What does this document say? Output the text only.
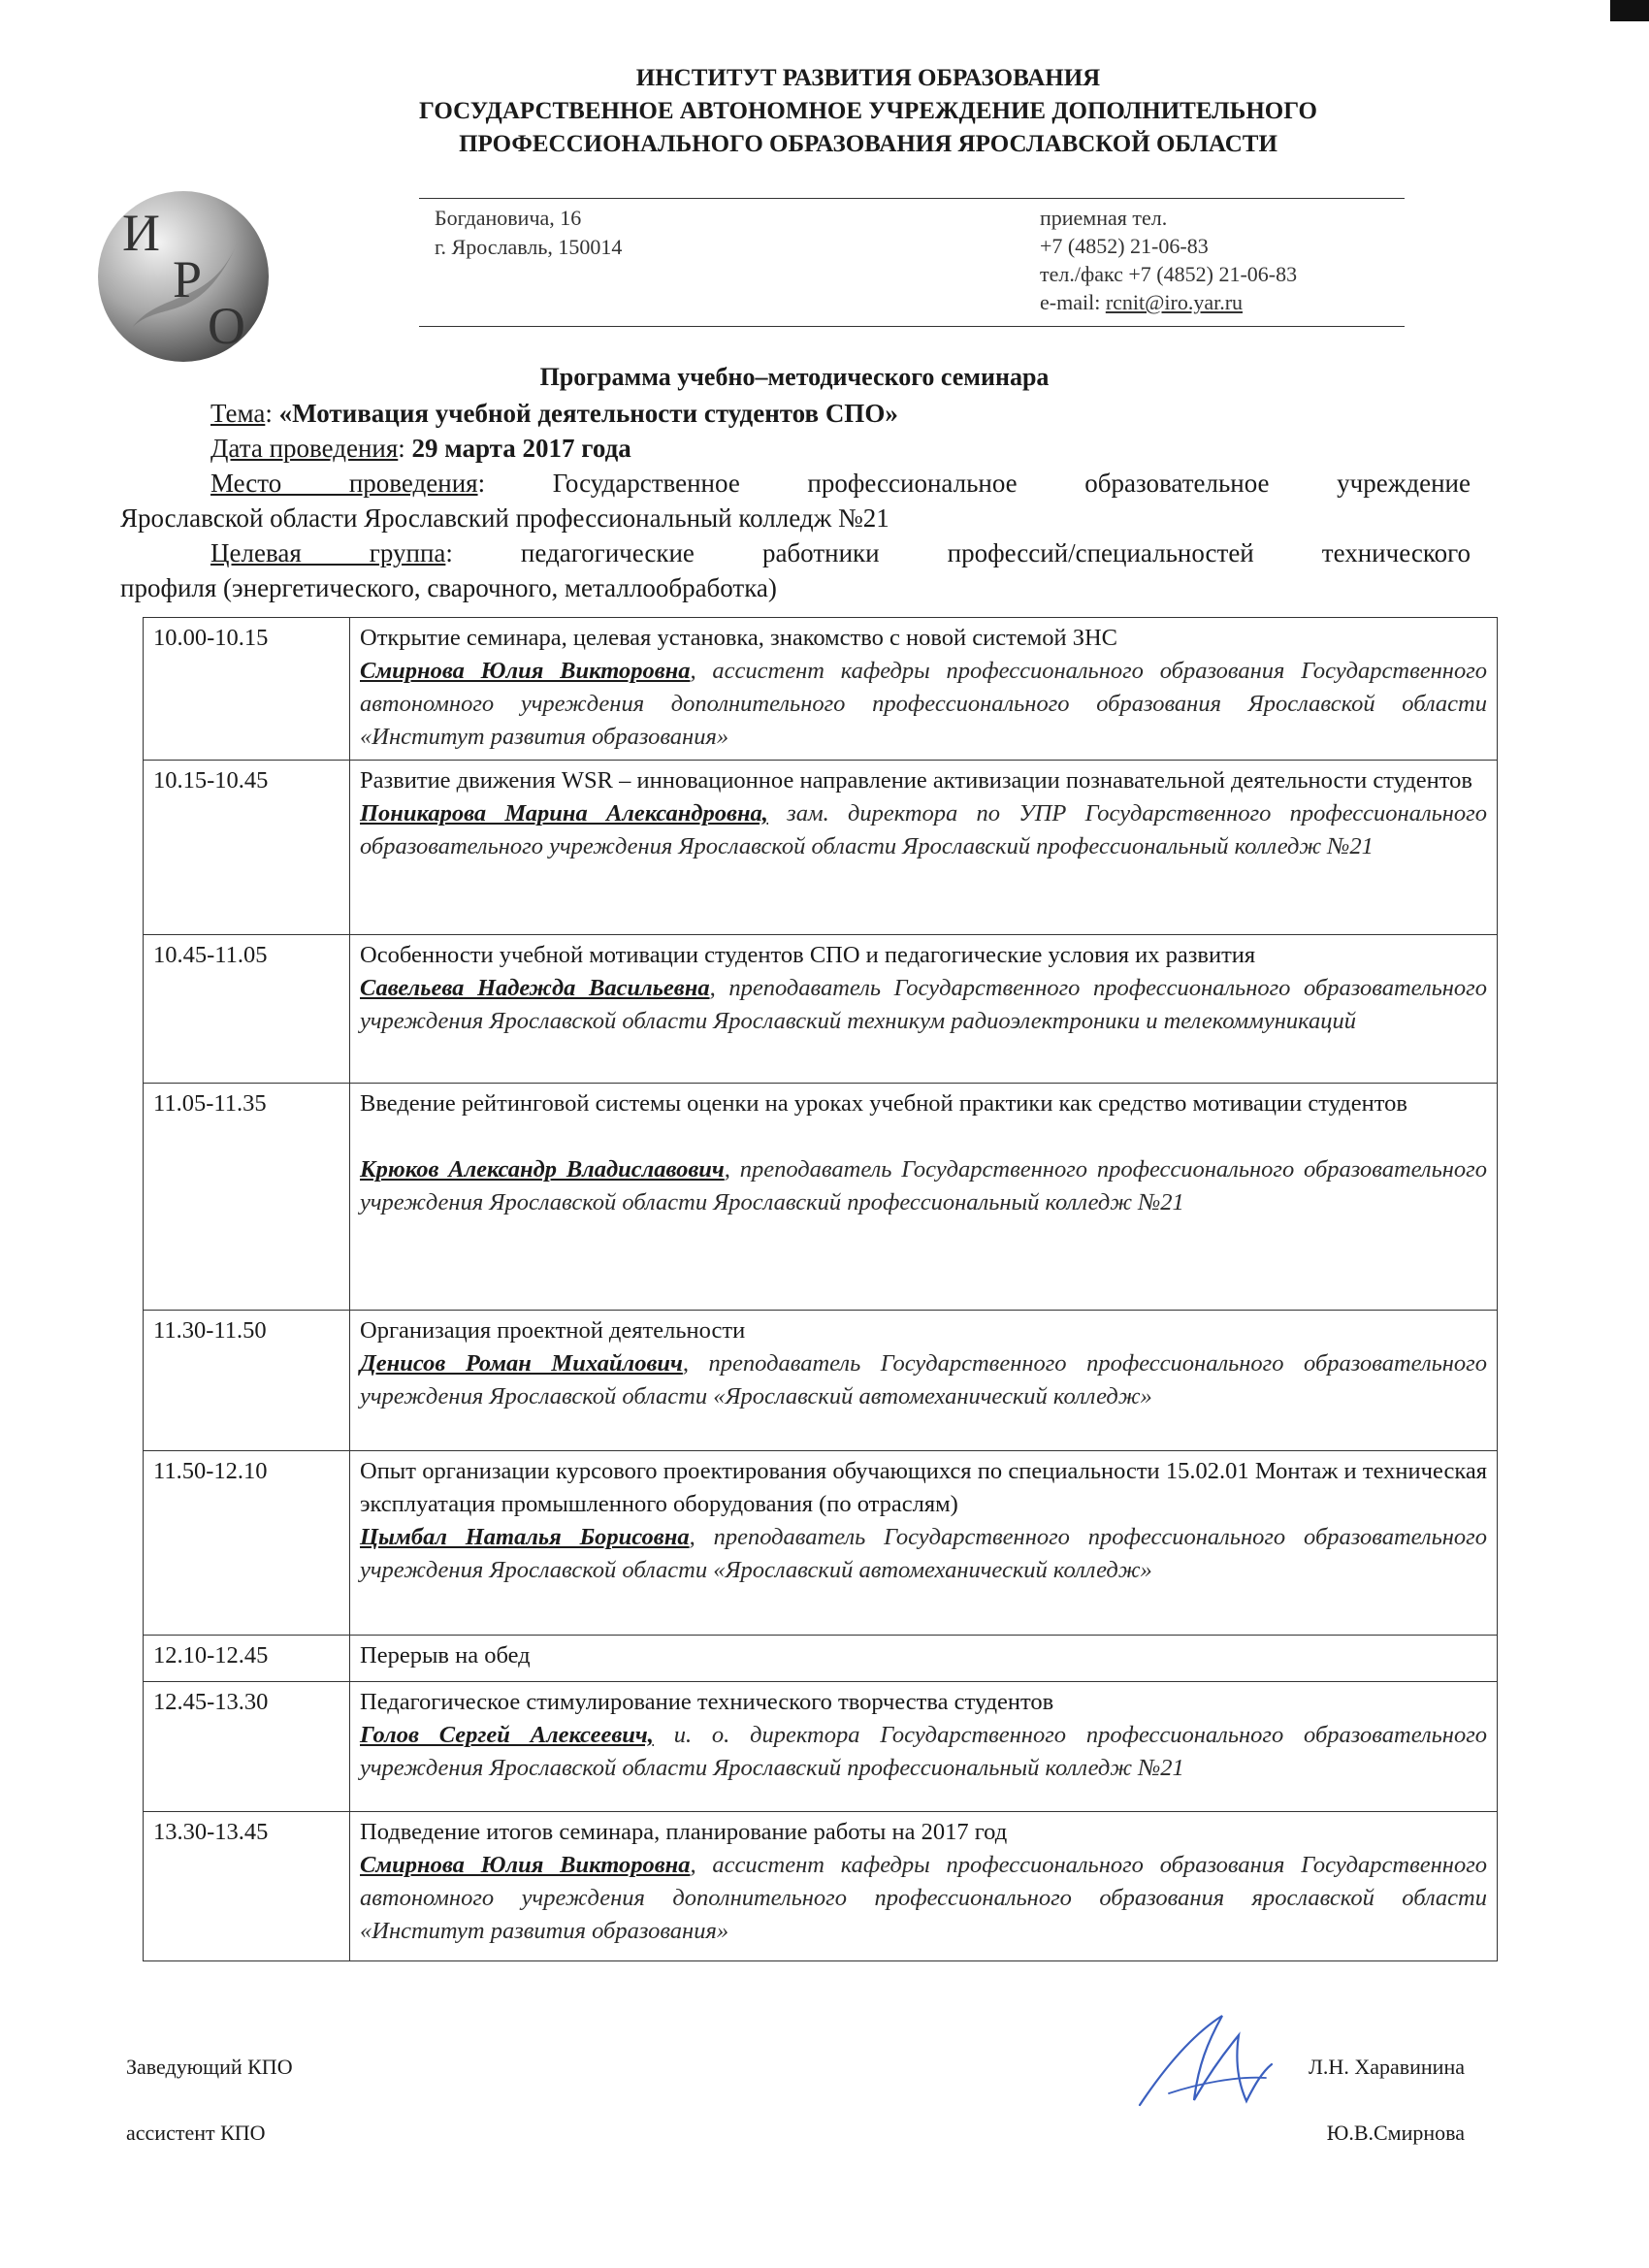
ИНСТИТУТ РАЗВИТИЯ ОБРАЗОВАНИЯ
ГОСУДАРСТВЕННОЕ АВТОНОМНОЕ УЧРЕЖДЕНИЕ ДОПОЛНИТЕЛЬНОГО
ПРОФЕССИОНАЛЬНОГО ОБРАЗОВАНИЯ ЯРОСЛАВСКОЙ ОБЛАСТИ
И
Р
О
Богдановича, 16
г. Ярославль, 150014
приемная тел.
+7 (4852) 21-06-83
тел./факс +7 (4852) 21-06-83
e-mail: rcnit@iro.yar.ru
Программа учебно–методического семинара
Тема: «Мотивация учебной деятельности студентов СПО»
Дата проведения: 29 марта 2017 года
Место проведения: Государственное профессиональное образовательное учреждение
Ярославской области Ярославский профессиональный колледж №21
Целевая группа: педагогические работники профессий/специальностей технического
профиля (энергетического, сварочного, металлообработка)
10.00-10.15	Открытие семинара, целевая установка, знакомство с новой системой ЗНС
Смирнова Юлия Викторовна, ассистент кафедры профессионального образования Государственного автономного учреждения дополнительного профессионального образования Ярославской области «Институт развития образования»

10.15-10.45	Развитие движения WSR – инновационное направление активизации познавательной деятельности студентов
Поникарова Марина Александровна, зам. директора по УПР Государственного профессионального образовательного учреждения Ярославской области Ярославский профессиональный колледж №21

10.45-11.05	Особенности учебной мотивации студентов СПО и педагогические условия их развития
Савельева Надежда Васильевна, преподаватель Государственного профессионального образовательного учреждения Ярославской области Ярославский техникум радиоэлектроники и телекоммуникаций

11.05-11.35	Введение рейтинговой системы оценки на уроках учебной практики как средство мотивации студентов
Крюков Александр Владиславович, преподаватель Государственного профессионального образовательного учреждения Ярославской области Ярославский профессиональный колледж №21

11.30-11.50	Организация проектной деятельности
Денисов Роман Михайлович, преподаватель Государственного профессионального образовательного учреждения Ярославской области «Ярославский автомеханический колледж»

11.50-12.10	Опыт организации курсового проектирования обучающихся по специальности 15.02.01 Монтаж и техническая эксплуатация промышленного оборудования (по отраслям)
Цымбал Наталья Борисовна, преподаватель Государственного профессионального образовательного учреждения Ярославской области «Ярославский автомеханический колледж»

12.10-12.45	Перерыв на обед

12.45-13.30	Педагогическое стимулирование технического творчества студентов
Голов Сергей Алексеевич, и. о. директора Государственного профессионального образовательного учреждения Ярославской области Ярославский профессиональный колледж №21

13.30-13.45	Подведение итогов семинара, планирование работы на 2017 год
Смирнова Юлия Викторовна, ассистент кафедры профессионального образования Государственного автономного учреждения дополнительного профессионального образования ярославской области «Институт развития образования»
Заведующий КПО	Л.Н. Харавинина
ассистент КПО	Ю.В.Смирнова
